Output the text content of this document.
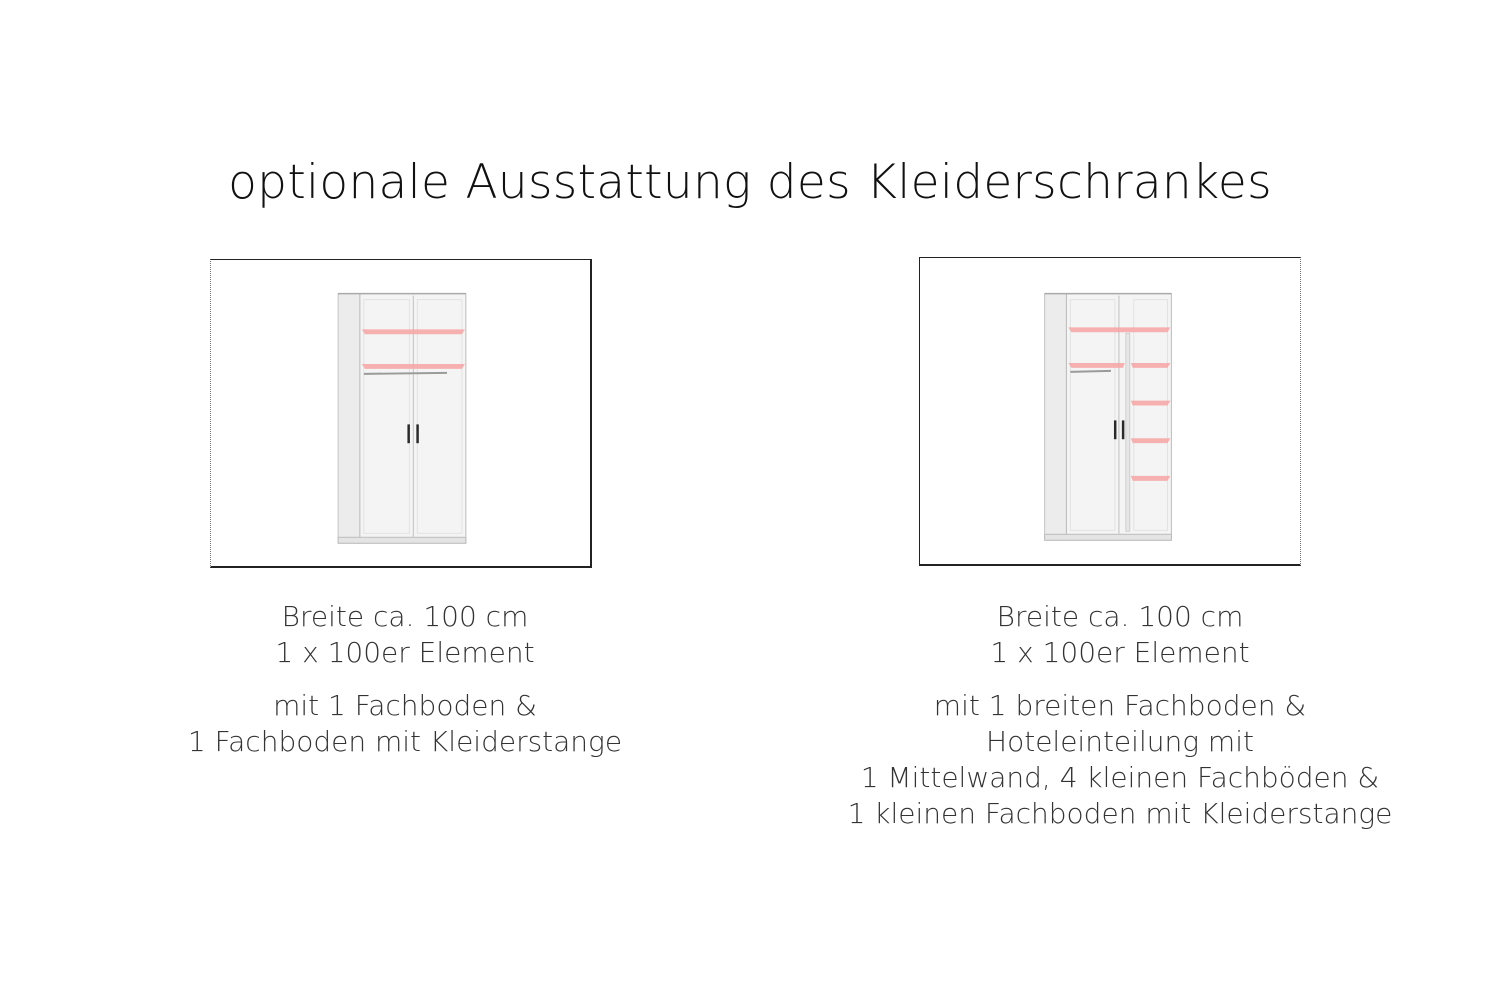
optionale Ausstattung des Kleiderschrankes

Breite ca. 100 cm

1 x 100er Element

mit 1 Fachboden &

1 Fachboden mit Kleiderstange

Breite ca. 100 cm

1 x 100er Element

mit 1 breiten Fachboden &

Hoteleinteilung mit

1 Mittelwand, 4 kleinen Fachböden &

1 kleinen Fachboden mit Kleiderstange
